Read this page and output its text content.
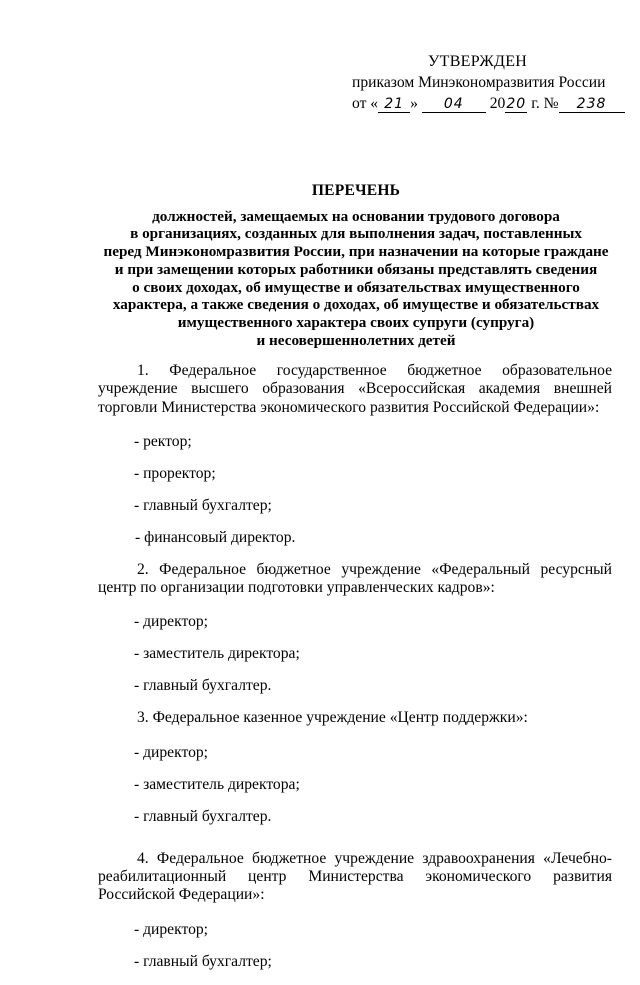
УТВЕРЖДЕН
приказом Минэкономразвития России
от « 21 » 04 2020 г. № 238
ПЕРЕЧЕНЬ
должностей, замещаемых на основании трудового договора
в организациях, созданных для выполнения задач, поставленных
перед Минэкономразвития России, при назначении на которые граждане
и при замещении которых работники обязаны представлять сведения
о своих доходах, об имуществе и обязательствах имущественного
характера, а также сведения о доходах, об имуществе и обязательствах
имущественного характера своих супруги (супруга)
и несовершеннолетних детей

1. Федеральное государственное бюджетное образовательное учреждение высшего образования «Всероссийская академия внешней торговли Министерства экономического развития Российской Федерации»:

- ректор;
- проректор;
- главный бухгалтер;
- финансовый директор.

2. Федеральное бюджетное учреждение «Федеральный ресурсный центр по организации подготовки управленческих кадров»:

- директор;
- заместитель директора;
- главный бухгалтер.

3. Федеральное казенное учреждение «Центр поддержки»:

- директор;
- заместитель директора;
- главный бухгалтер.

4. Федеральное бюджетное учреждение здравоохранения «Лечебно-реабилитационный центр Министерства экономического развития Российской Федерации»:

- директор;
- главный бухгалтер;
